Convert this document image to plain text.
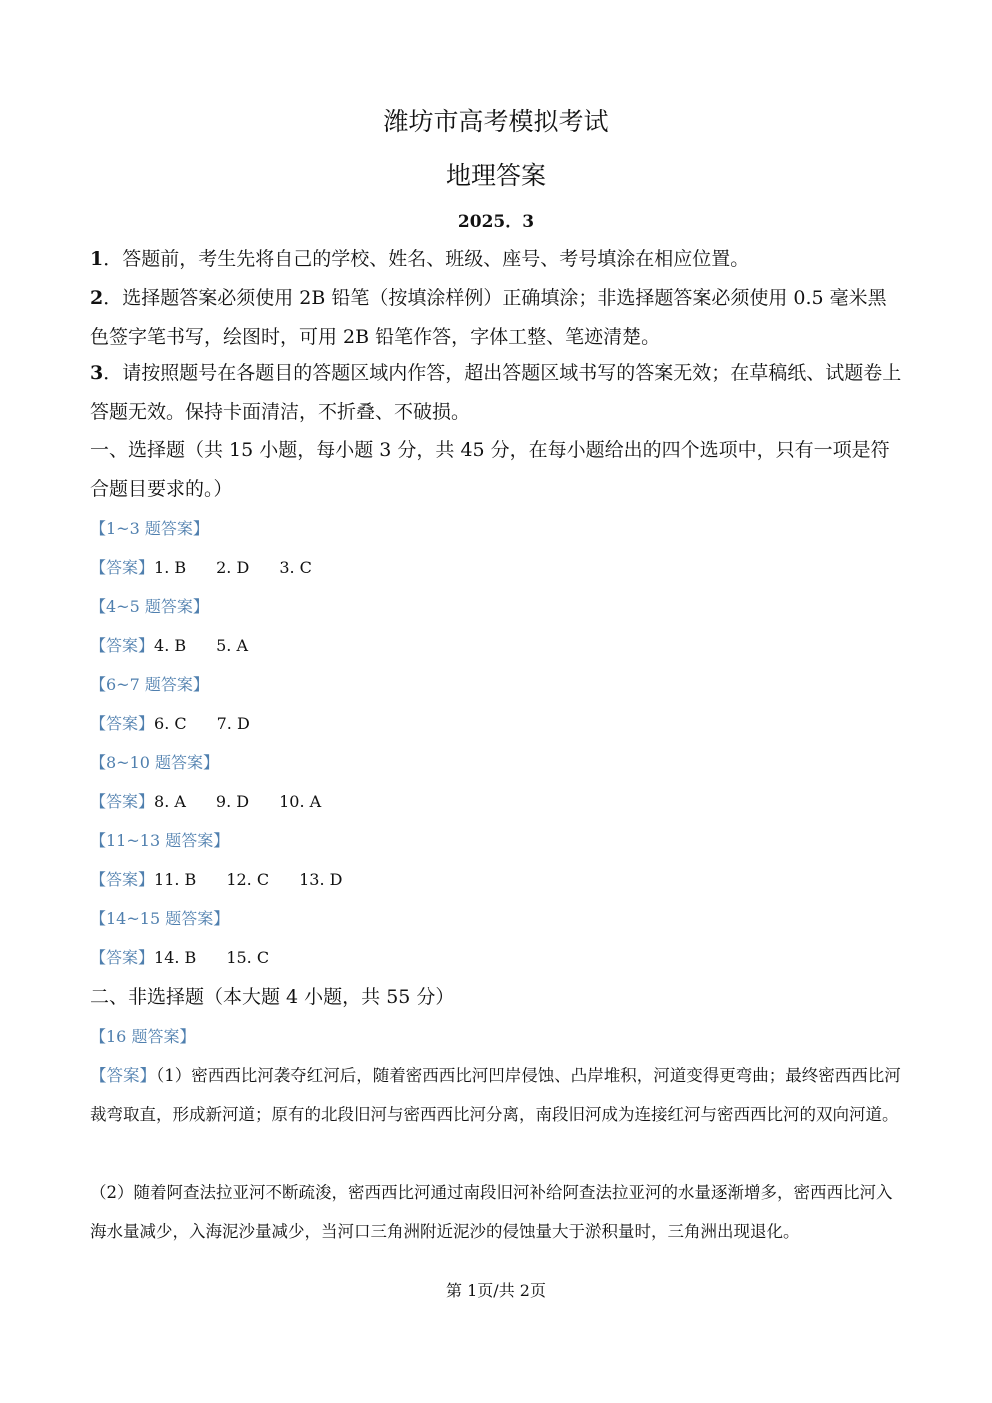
潍坊市高考模拟考试
地理答案
2025．3
1．答题前，考生先将自己的学校、姓名、班级、座号、考号填涂在相应位置。
2．选择题答案必须使用 2B 铅笔（按填涂样例）正确填涂；非选择题答案必须使用 0.5 毫米黑色签字笔书写，绘图时，可用 2B 铅笔作答，字体工整、笔迹清楚。
3．请按照题号在各题目的答题区域内作答，超出答题区域书写的答案无效；在草稿纸、试题卷上答题无效。保持卡面清洁，不折叠、不破损。
一、选择题（共 15 小题，每小题 3 分，共 45 分，在每小题给出的四个选项中，只有一项是符合题目要求的。）
【1~3 题答案】
【答案】1. B 2. D 3. C
【4~5 题答案】
【答案】4. B 5. A
【6~7 题答案】
【答案】6. C 7. D
【8~10 题答案】
【答案】8. A 9. D 10. A
【11~13 题答案】
【答案】11. B 12. C 13. D
【14~15 题答案】
【答案】14. B 15. C
二、非选择题（本大题 4 小题，共 55 分）
【16 题答案】
【答案】（1）密西西比河袭夺红河后，随着密西西比河凹岸侵蚀、凸岸堆积，河道变得更弯曲；最终密西西比河裁弯取直，形成新河道；原有的北段旧河与密西西比河分离，南段旧河成为连接红河与密西西比河的双向河道。
（2）随着阿查法拉亚河不断疏浚，密西西比河通过南段旧河补给阿查法拉亚河的水量逐渐增多，密西西比河入海水量减少，入海泥沙量减少，当河口三角洲附近泥沙的侵蚀量大于淤积量时，三角洲出现退化。
第 1页/共 2页
